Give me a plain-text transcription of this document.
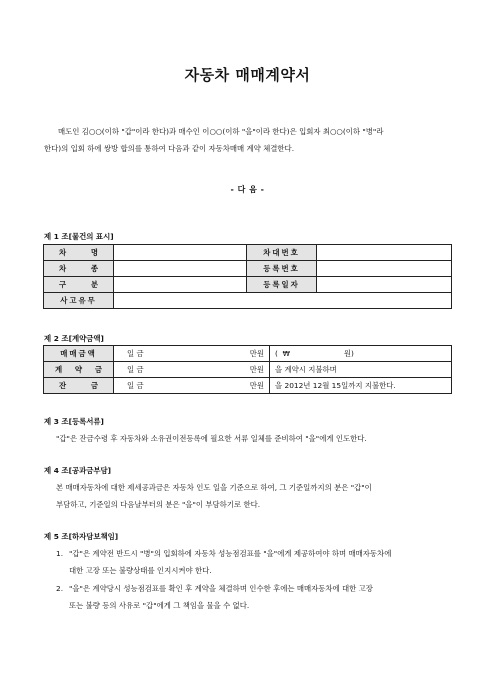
자동차 매매계약서
매도인 김○○(이하 "갑"이라 한다)과 매수인 이○○(이하 "을"이라 한다)은 입회자 최○○(이하 "병"라
한다)의 입회 하에 쌍방 합의를 통하여 다음과 같이 자동차매매 계약 체결한다.
- 다 음 -
제 1 조[물건의 표시]
차 명		차대번호	

차 종		등록번호	

구 분		등록일자	
사고유무			
제 2 조[계약금액]
매매금액	일 금 만원	(  ₩                       원)

계 약 금	일 금 만원	을 계약시 지불하며

잔 금	일 금 만원	을 2012년 12월 15일까지 지불한다.
제 3 조[등록서류]
"갑"은 잔금수령 후 자동차와 소유권이전등록에 필요한 서류 일체를 준비하여 "을"에게 인도한다.
제 4 조[공과금부담]
본 매매자동차에 대한 제세공과금은 자동차 인도 일을 기준으로 하여, 그 기준일까지의 분은 "갑"이
부담하고, 기준일의 다음날부터의 분은 "을"이 부담하기로 한다.
제 5 조[하자담보책임]
1. "갑"은 계약전 반드시 "병"의 입회하에 자동차 성능점검표를 "을"에게 제공하여야 하며 매매자동차에
대한 고장 또는 불량상태를 인지시켜야 한다.
2. "을"은 계약당시 성능점검표를 확인 후 계약을 체결하며 인수한 후에는 매매자동차에 대한 고장
또는 불량 등의 사유로 "갑"에게 그 책임을 물을 수 없다.
